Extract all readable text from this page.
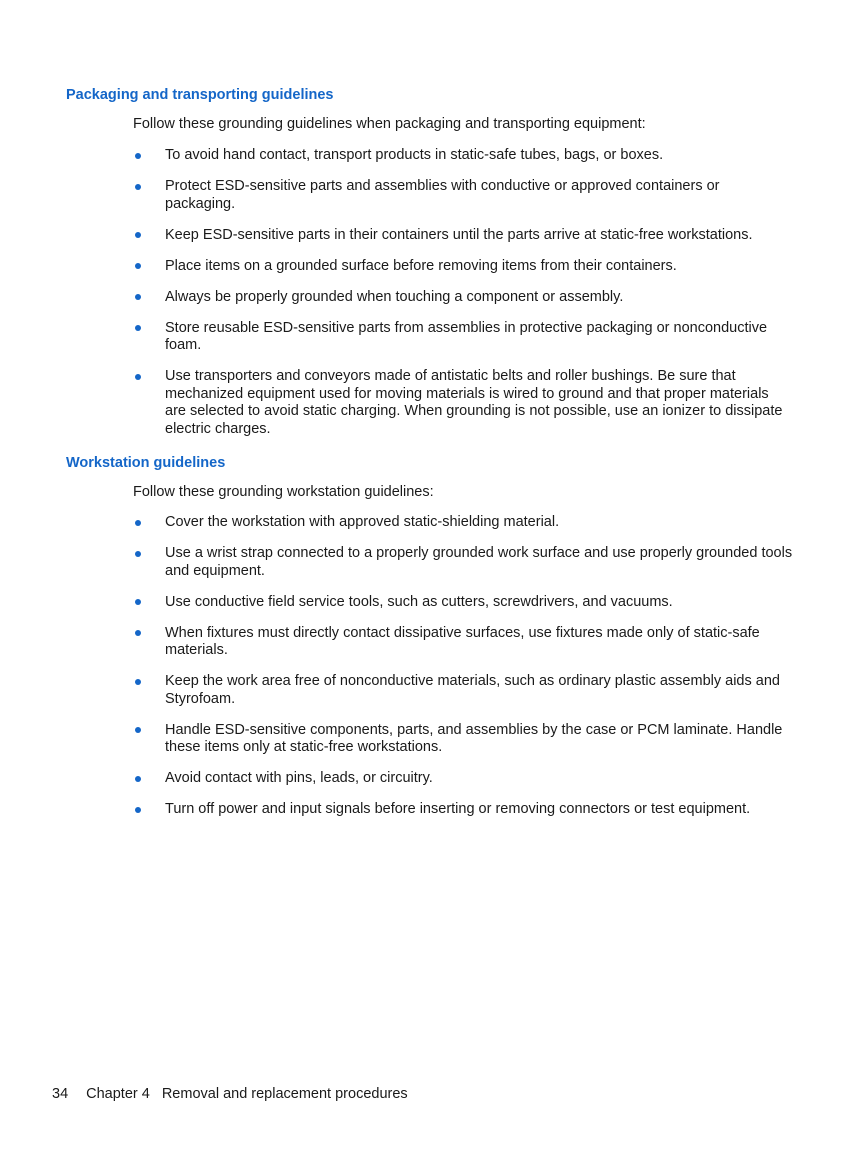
Packaging and transporting guidelines

Follow these grounding guidelines when packaging and transporting equipment:

To avoid hand contact, transport products in static-safe tubes, bags, or boxes.
Protect ESD-sensitive parts and assemblies with conductive or approved containers or packaging.
Keep ESD-sensitive parts in their containers until the parts arrive at static-free workstations.
Place items on a grounded surface before removing items from their containers.
Always be properly grounded when touching a component or assembly.
Store reusable ESD-sensitive parts from assemblies in protective packaging or nonconductive foam.
Use transporters and conveyors made of antistatic belts and roller bushings. Be sure that mechanized equipment used for moving materials is wired to ground and that proper materials are selected to avoid static charging. When grounding is not possible, use an ionizer to dissipate electric charges.
Workstation guidelines

Follow these grounding workstation guidelines:

Cover the workstation with approved static-shielding material.
Use a wrist strap connected to a properly grounded work surface and use properly grounded tools and equipment.
Use conductive field service tools, such as cutters, screwdrivers, and vacuums.
When fixtures must directly contact dissipative surfaces, use fixtures made only of static-safe materials.
Keep the work area free of nonconductive materials, such as ordinary plastic assembly aids and Styrofoam.
Handle ESD-sensitive components, parts, and assemblies by the case or PCM laminate. Handle these items only at static-free workstations.
Avoid contact with pins, leads, or circuitry.
Turn off power and input signals before inserting or removing connectors or test equipment.
34 Chapter 4 Removal and replacement procedures
